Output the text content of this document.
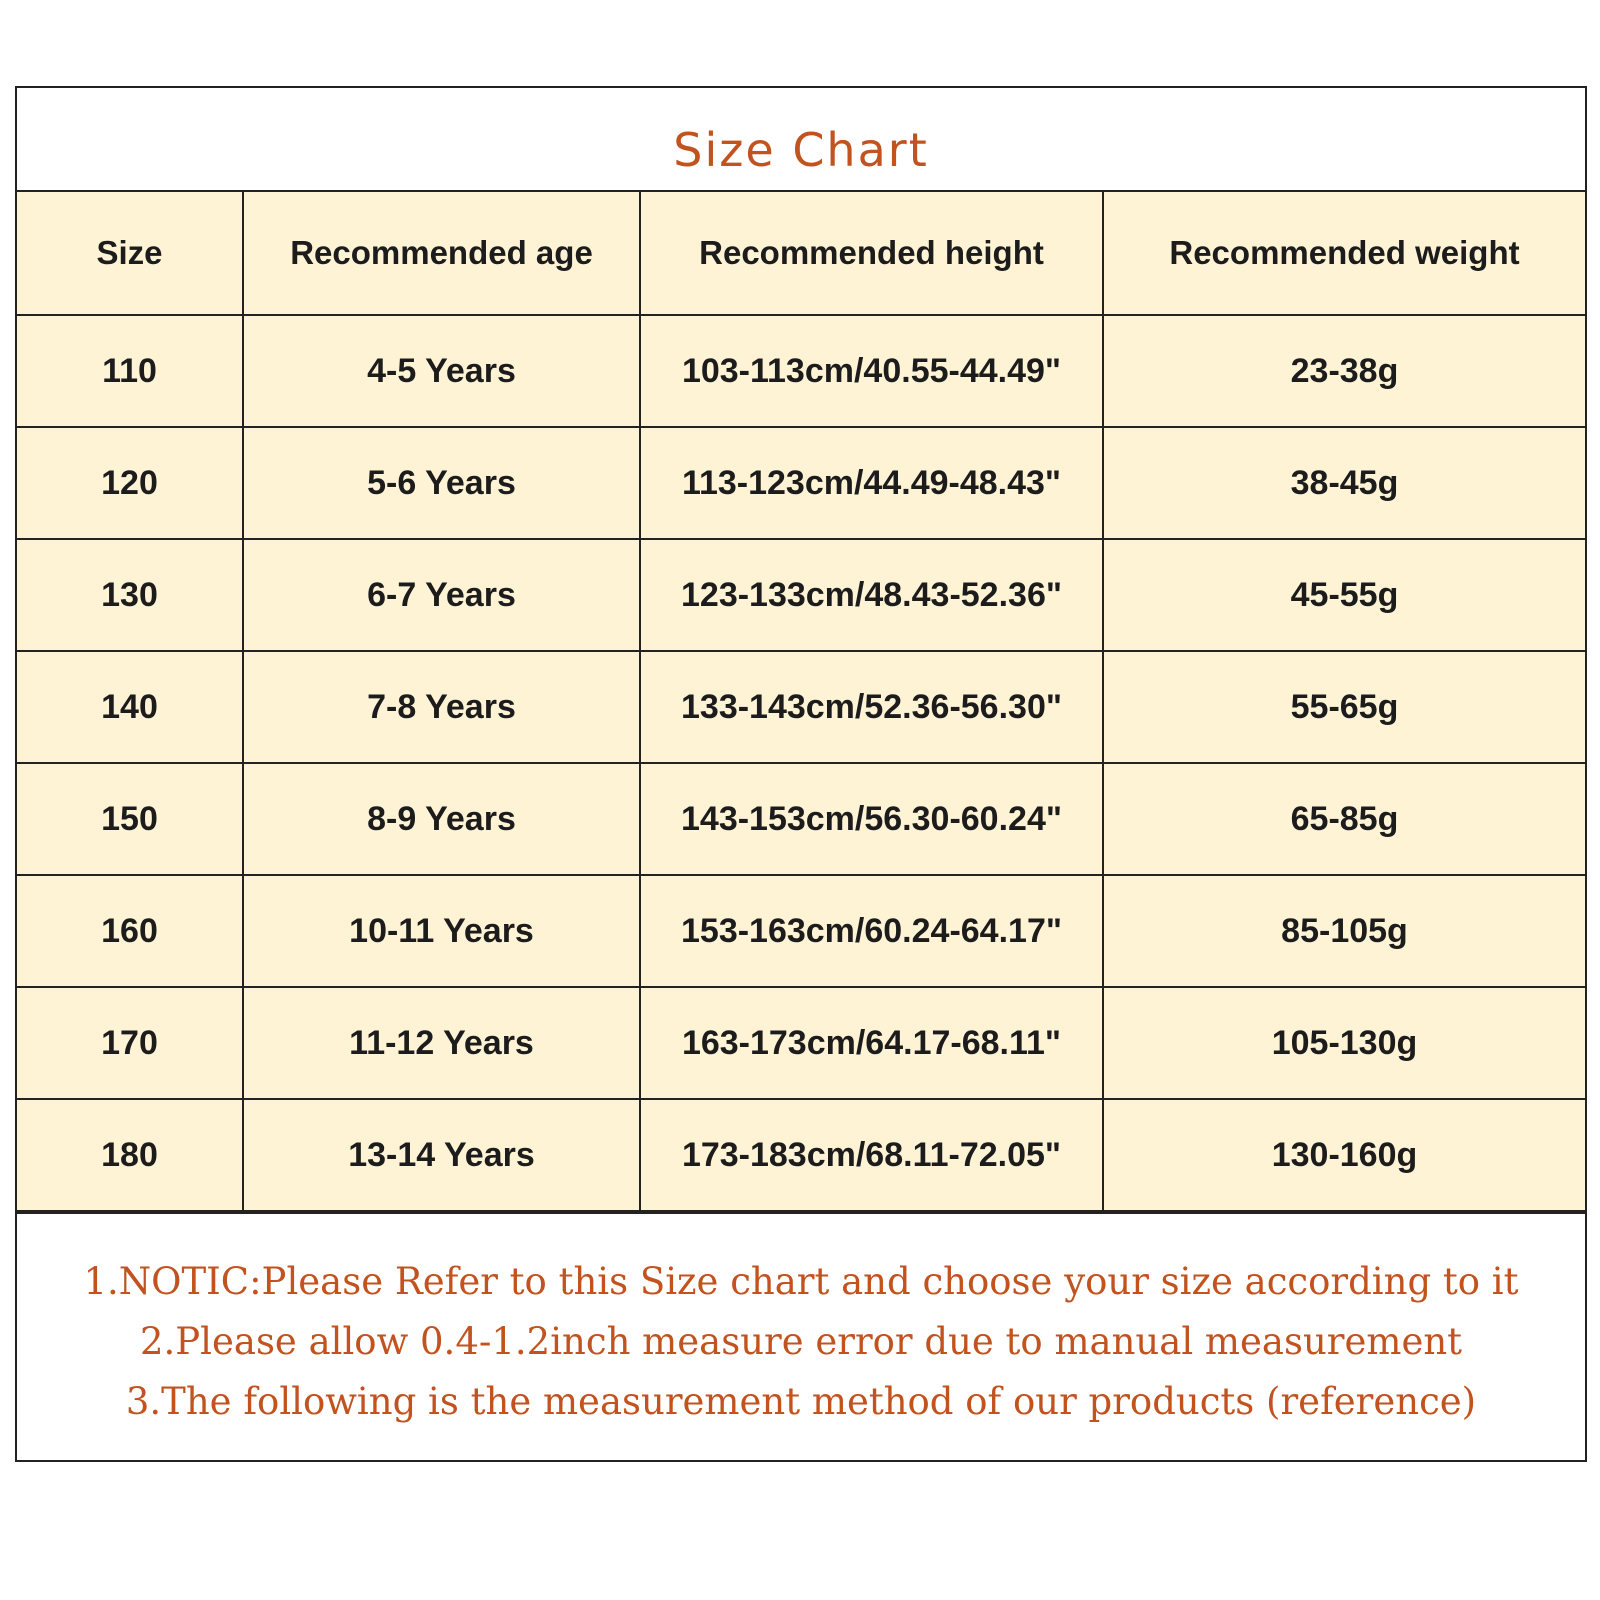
Size Chart
Size	Recommended age	Recommended height	Recommended weight
110	4-5 Years	103-113cm/40.55-44.49"	23-38g
120	5-6 Years	113-123cm/44.49-48.43"	38-45g
130	6-7 Years	123-133cm/48.43-52.36"	45-55g
140	7-8 Years	133-143cm/52.36-56.30"	55-65g
150	8-9 Years	143-153cm/56.30-60.24"	65-85g
160	10-11 Years	153-163cm/60.24-64.17"	85-105g
170	11-12 Years	163-173cm/64.17-68.11"	105-130g
180	13-14 Years	173-183cm/68.11-72.05"	130-160g
1.NOTIC:Please Refer to this Size chart and choose your size according to it
2.Please allow 0.4-1.2inch measure error due to manual measurement
3.The following is the measurement method of our products (reference)
